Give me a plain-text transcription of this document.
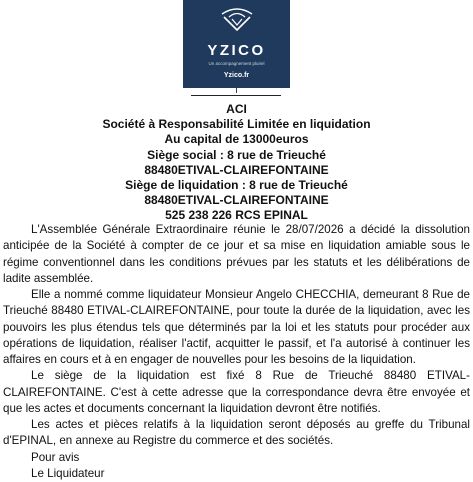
YZICO
Un accompagnement pluriel
Yzico.fr
ACI
Société à Responsabilité Limitée en liquidation
Au capital de 13000euros
Siège social : 8 rue de Trieuché
88480ETIVAL-CLAIREFONTAINE
Siège de liquidation : 8 rue de Trieuché
88480ETIVAL-CLAIREFONTAINE
525 238 226 RCS EPINAL

L'Assemblée Générale Extraordinaire réunie le 28/07/2026 a décidé la dissolution anticipée de la Société à compter de ce jour et sa mise en liquidation amiable sous le régime conventionnel dans les conditions prévues par les statuts et les délibérations de ladite assemblée.

Elle a nommé comme liquidateur Monsieur Angelo CHECCHIA, demeurant 8 Rue de Trieuché 88480 ETIVAL-CLAIREFONTAINE, pour toute la durée de la liquidation, avec les pouvoirs les plus étendus tels que déterminés par la loi et les statuts pour procéder aux opérations de liquidation, réaliser l'actif, acquitter le passif, et l'a autorisé à continuer les affaires en cours et à en engager de nouvelles pour les besoins de la liquidation.

Le siège de la liquidation est fixé 8 Rue de Trieuché 88480 ETIVAL-CLAIREFONTAINE. C'est à cette adresse que la correspondance devra être envoyée et que les actes et documents concernant la liquidation devront être notifiés.

Les actes et pièces relatifs à la liquidation seront déposés au greffe du Tribunal d'EPINAL, en annexe au Registre du commerce et des sociétés.

Pour avis

Le Liquidateur
